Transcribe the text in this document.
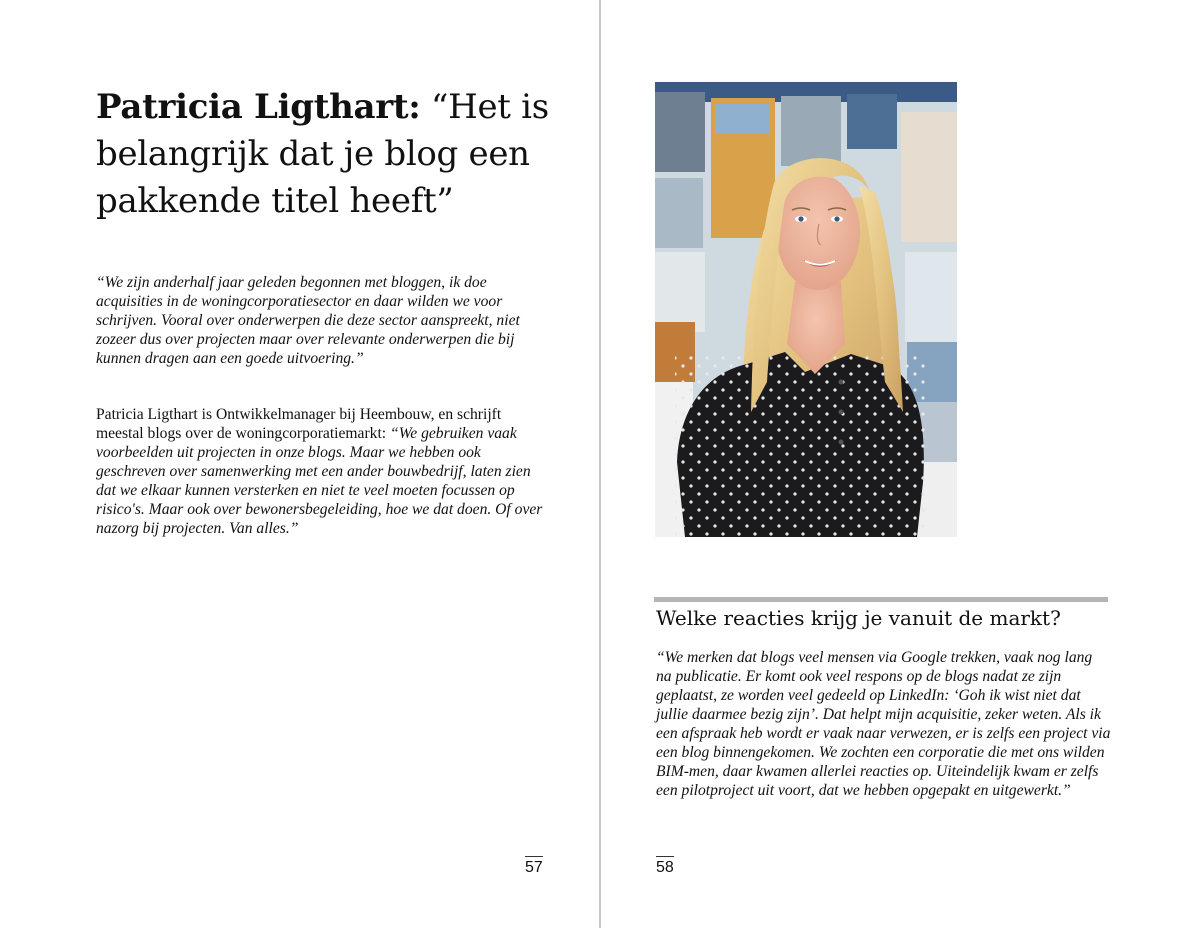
Patricia Ligthart: “Het is belangrijk dat je blog een pakkende titel heeft”

“We zijn anderhalf jaar geleden begonnen met bloggen, ik doe acquisities in de woningcorporatiesector en daar wilden we voor schrijven. Vooral over onderwerpen die deze sector aanspreekt, niet zozeer dus over projecten maar over relevante onderwerpen die bij kunnen dragen aan een goede uitvoering.”

Patricia Ligthart is Ontwikkelmanager bij Heembouw, en schrijft meestal blogs over de woningcorporatiemarkt: “We gebruiken vaak voorbeelden uit projecten in onze blogs. Maar we hebben ook geschreven over samenwerking met een ander bouwbedrijf, laten zien dat we elkaar kunnen versterken en niet te veel moeten focussen op risico's. Maar ook over bewonersbegeleiding, hoe we dat doen. Of over nazorg bij projecten. Van alles.”

57
Welke reacties krijg je vanuit de markt?

“We merken dat blogs veel mensen via Google trekken, vaak nog lang na publicatie. Er komt ook veel respons op de blogs nadat ze zijn geplaatst, ze worden veel gedeeld op LinkedIn: ‘Goh ik wist niet dat jullie daarmee bezig zijn’. Dat helpt mijn acquisitie, zeker weten. Als ik een afspraak heb wordt er vaak naar verwezen, er is zelfs een project via een blog binnengekomen. We zochten een corporatie die met ons wilden BIM-men, daar kwamen allerlei reacties op. Uiteindelijk kwam er zelfs een pilotproject uit voort, dat we hebben opgepakt en uitgewerkt.”

58
